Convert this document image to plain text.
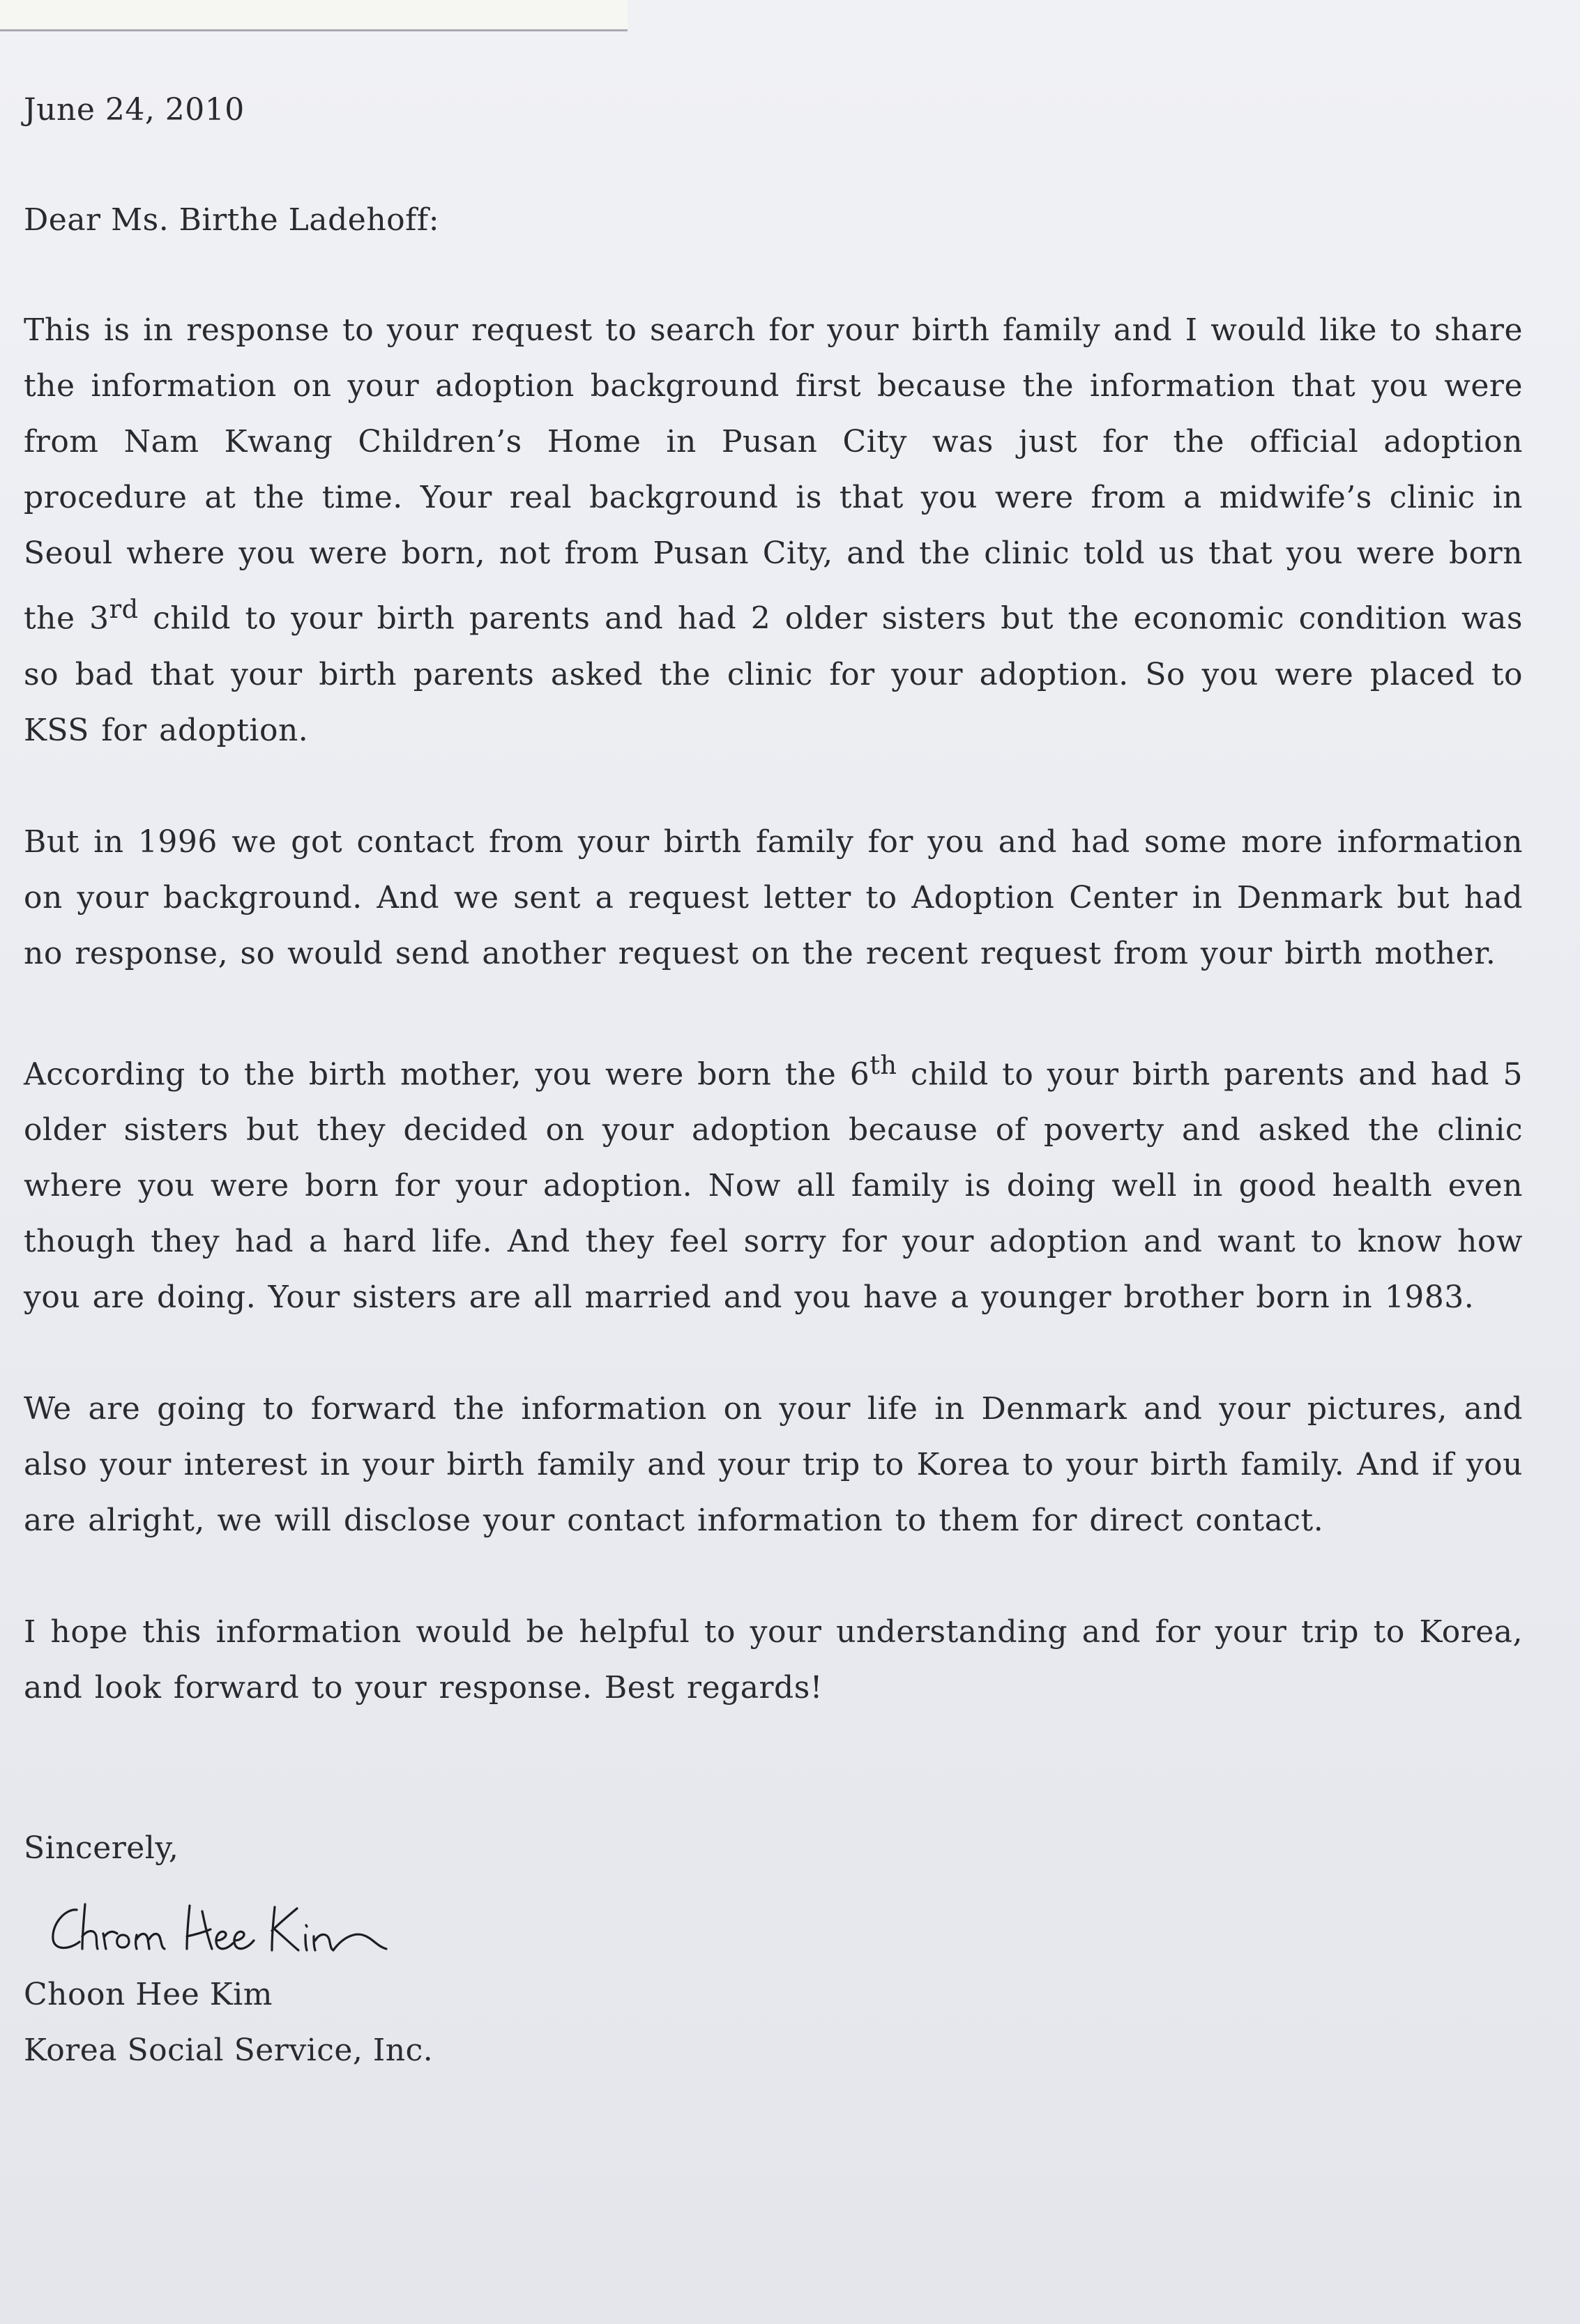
June 24, 2010

Dear Ms. Birthe Ladehoff:

This is in response to your request to search for your birth family and I would like to share the information on your adoption background first because the information that you were from Nam Kwang Children’s Home in Pusan City was just for the official adoption procedure at the time. Your real background is that you were from a midwife’s clinic in Seoul where you were born, not from Pusan City, and the clinic told us that you were born the 3rd child to your birth parents and had 2 older sisters but the economic condition was so bad that your birth parents asked the clinic for your adoption. So you were placed to KSS for adoption.

But in 1996 we got contact from your birth family for you and had some more information on your background. And we sent a request letter to Adoption Center in Denmark but had no response, so would send another request on the recent request from your birth mother.

According to the birth mother, you were born the 6th child to your birth parents and had 5 older sisters but they decided on your adoption because of poverty and asked the clinic where you were born for your adoption. Now all family is doing well in good health even though they had a hard life. And they feel sorry for your adoption and want to know how you are doing. Your sisters are all married and you have a younger brother born in 1983.

We are going to forward the information on your life in Denmark and your pictures, and also your interest in your birth family and your trip to Korea to your birth family. And if you are alright, we will disclose your contact information to them for direct contact.

I hope this information would be helpful to your understanding and for your trip to Korea, and look forward to your response. Best regards!

Sincerely,

Choon Hee Kim

Korea Social Service, Inc.
